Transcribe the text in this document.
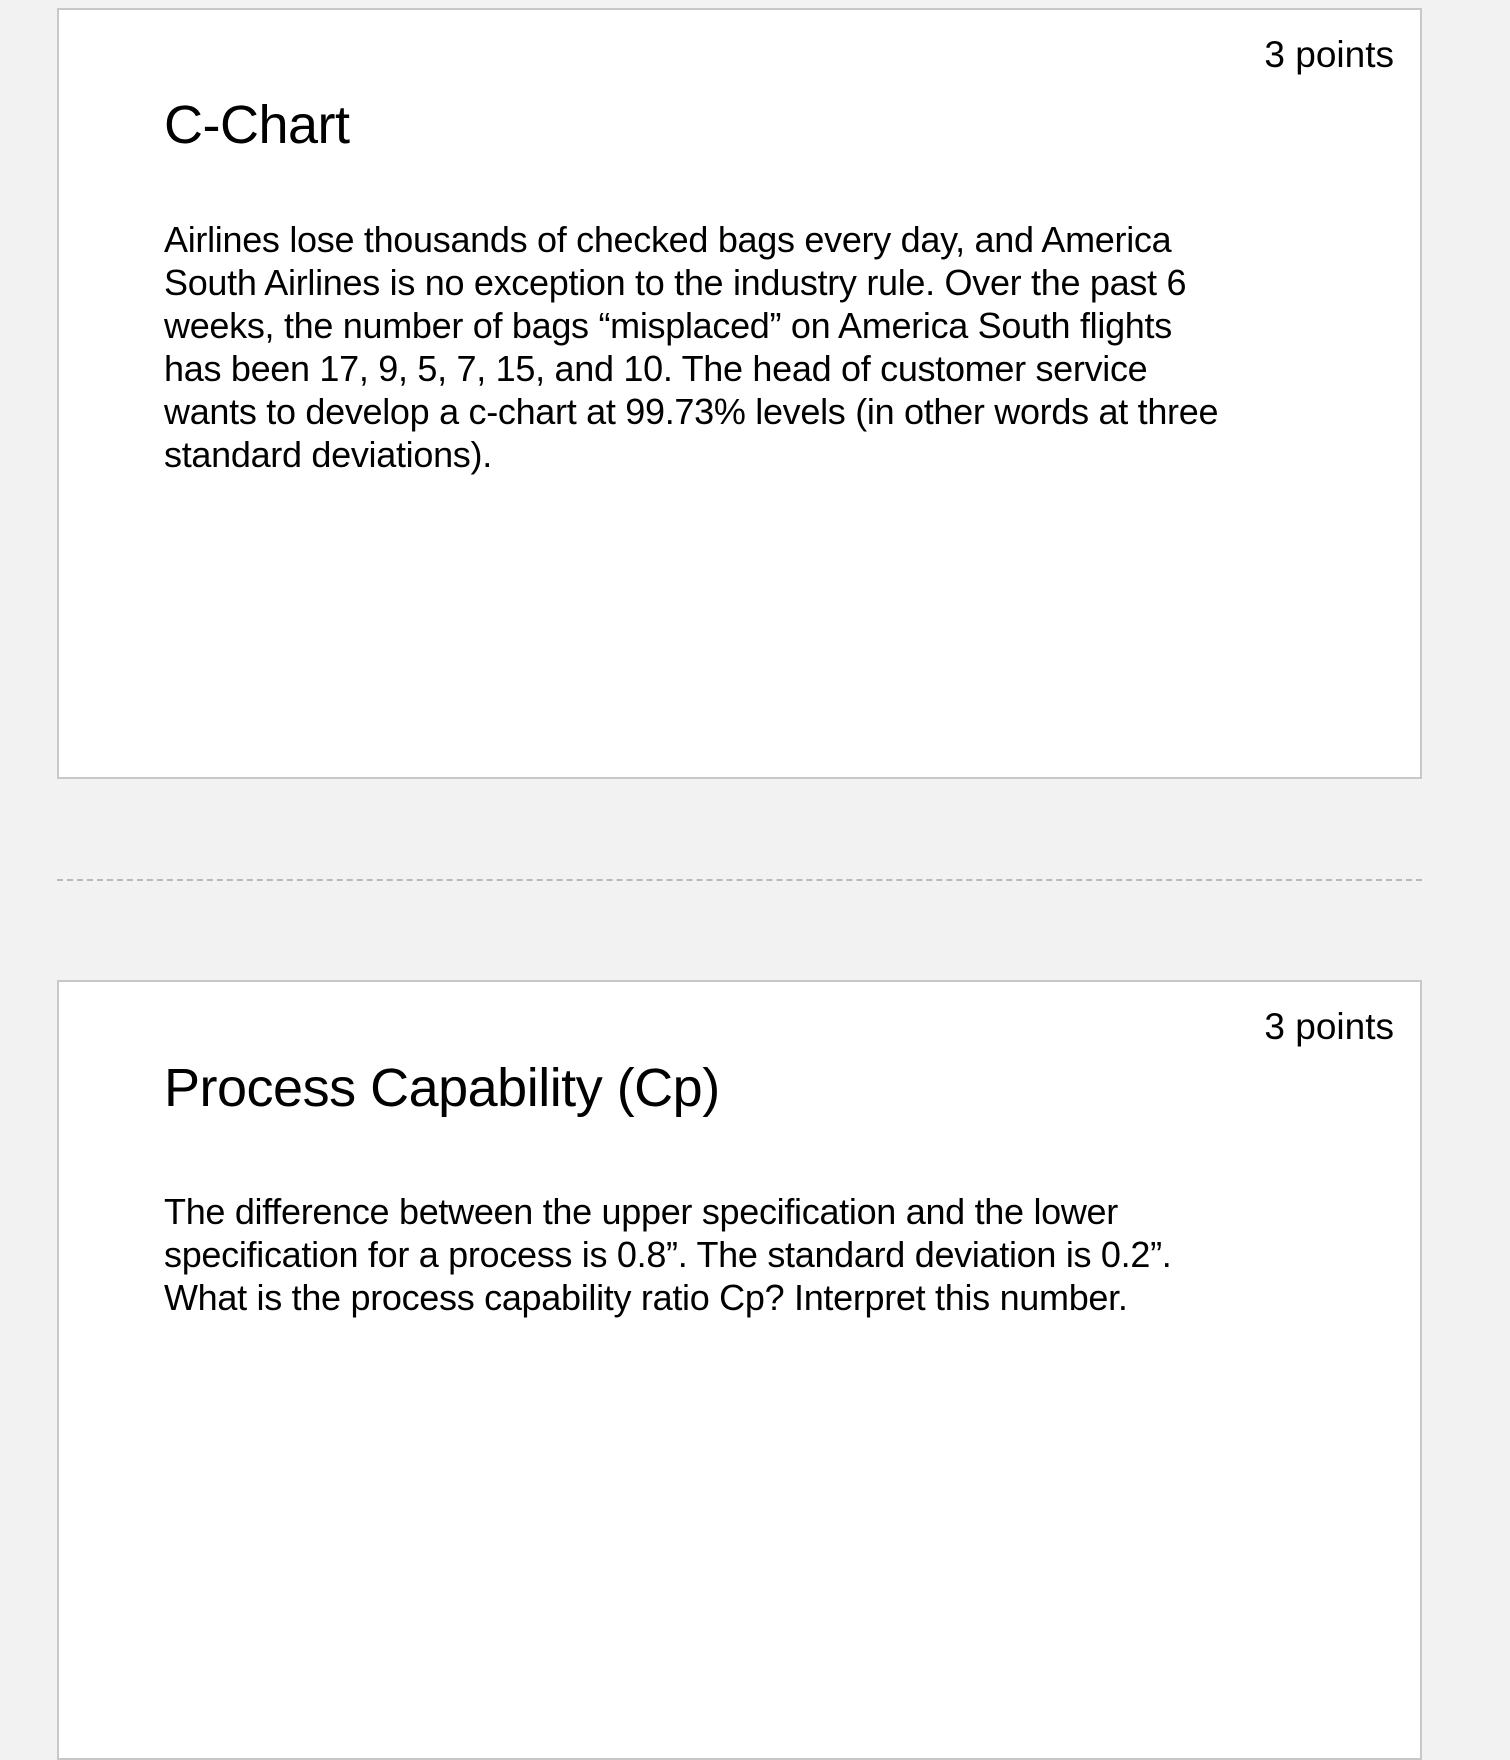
3 points
C-Chart
Airlines lose thousands of checked bags every day, and America
South Airlines is no exception to the industry rule. Over the past 6
weeks, the number of bags “misplaced” on America South flights
has been 17, 9, 5, 7, 15, and 10. The head of customer service
wants to develop a c-chart at 99.73% levels (in other words at three
standard deviations).
3 points
Process Capability (Cp)
The difference between the upper specification and the lower
specification for a process is 0.8”. The standard deviation is 0.2”.
What is the process capability ratio Cp? Interpret this number.
